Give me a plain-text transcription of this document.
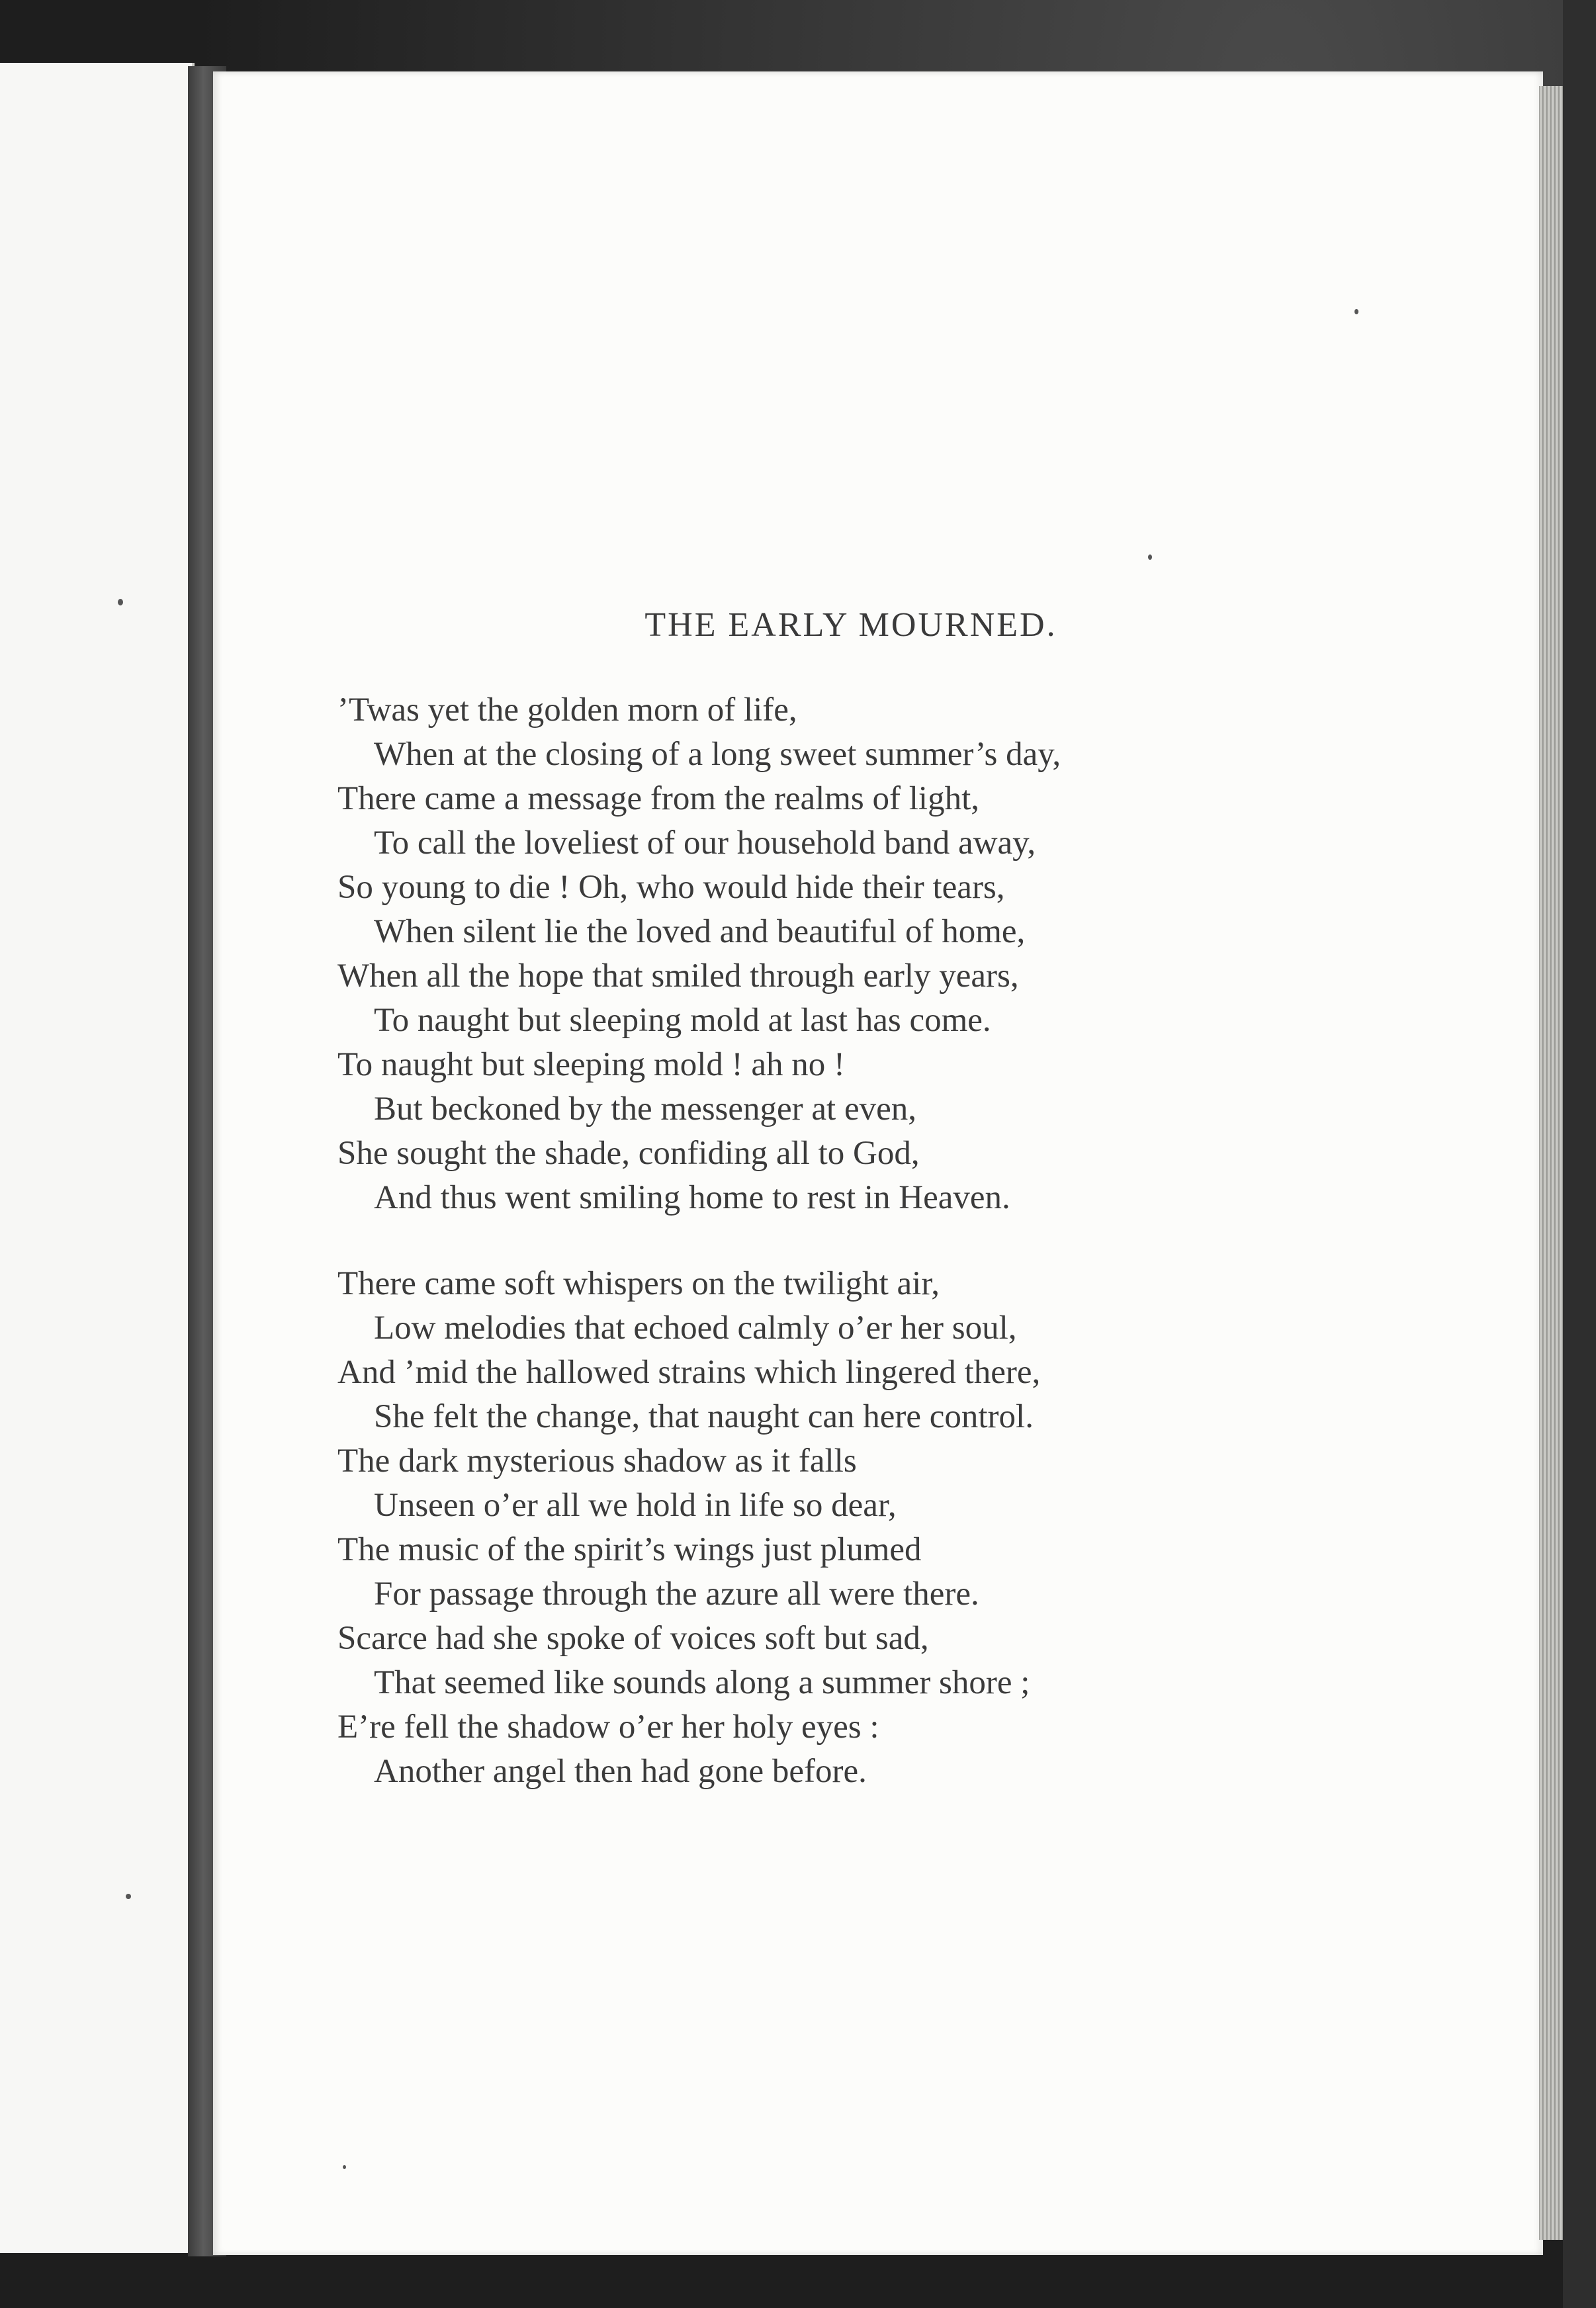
THE EARLY MOURNED.
’Twas yet the golden morn of life,
When at the closing of a long sweet summer’s day,
There came a message from the realms of light,
To call the loveliest of our household band away,
So young to die ! Oh, who would hide their tears,
When silent lie the loved and beautiful of home,
When all the hope that smiled through early years,
To naught but sleeping mold at last has come.
To naught but sleeping mold ! ah no !
But beckoned by the messenger at even,
She sought the shade, confiding all to God,
And thus went smiling home to rest in Heaven.
There came soft whispers on the twilight air,
Low melodies that echoed calmly o’er her soul,
And ’mid the hallowed strains which lingered there,
She felt the change, that naught can here control.
The dark mysterious shadow as it falls
Unseen o’er all we hold in life so dear,
The music of the spirit’s wings just plumed
For passage through the azure all were there.
Scarce had she spoke of voices soft but sad,
That seemed like sounds along a summer shore ;
E’re fell the shadow o’er her holy eyes :
Another angel then had gone before.
